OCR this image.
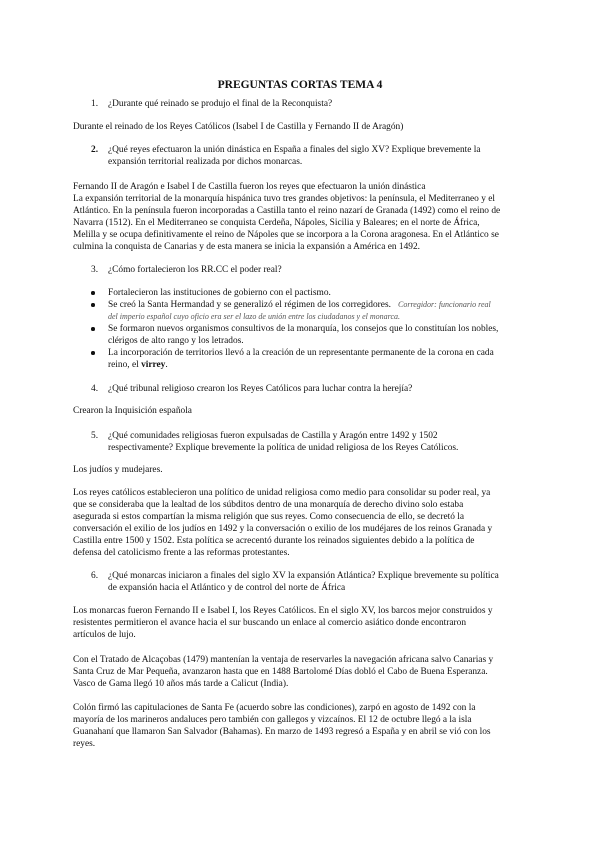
PREGUNTAS CORTAS TEMA 4
1. ¿Durante qué reinado se produjo el final de la Reconquista?
Durante el reinado de los Reyes Católicos (Isabel I de Castilla y Fernando II de Aragón)
2. ¿Qué reyes efectuaron la unión dinástica en España a finales del siglo XV? Explique brevemente la
expansión territorial realizada por dichos monarcas.
Fernando II de Aragón e Isabel I de Castilla fueron los reyes que efectuaron la unión dinástica
La expansión territorial de la monarquía hispánica tuvo tres grandes objetivos: la península, el Mediterraneo y el
Atlántico. En la península fueron incorporadas a Castilla tanto el reino nazarí de Granada (1492) como el reino de
Navarra (1512). En el Mediterraneo se conquista Cerdeña, Nápoles, Sicilia y Baleares; en el norte de África,
Melilla y se ocupa definitivamente el reino de Nápoles que se incorpora a la Corona aragonesa. En el Atlántico se
culmina la conquista de Canarias y de esta manera se inicia la expansión a América en 1492.
3. ¿Cómo fortalecieron los RR.CC el poder real?
Fortalecieron las instituciones de gobierno con el pactismo.
Se creó la Santa Hermandad y se generalizó el régimen de los corregidores. Corregidor: funcionario real
del imperio español cuyo oficio era ser el lazo de unión entre los ciudadanos y el monarca.
Se formaron nuevos organismos consultivos de la monarquía, los consejos que lo constituían los nobles,
clérigos de alto rango y los letrados.
La incorporación de territorios llevó a la creación de un representante permanente de la corona en cada
reino, el virrey.
4. ¿Qué tribunal religioso crearon los Reyes Católicos para luchar contra la herejía?
Crearon la Inquisición española
5. ¿Qué comunidades religiosas fueron expulsadas de Castilla y Aragón entre 1492 y 1502
respectivamente? Explique brevemente la política de unidad religiosa de los Reyes Católicos.
Los judíos y mudejares.
Los reyes católicos establecieron una político de unidad religiosa como medio para consolidar su poder real, ya
que se consideraba que la lealtad de los súbditos dentro de una monarquía de derecho divino solo estaba
asegurada si estos compartían la misma religión que sus reyes. Como consecuencia de ello, se decretó la
conversación el exilio de los judíos en 1492 y la conversación o exilio de los mudéjares de los reinos Granada y
Castilla entre 1500 y 1502. Esta política se acrecentó durante los reinados siguientes debido a la política de
defensa del catolicismo frente a las reformas protestantes.
6. ¿Qué monarcas iniciaron a finales del siglo XV la expansión Atlántica? Explique brevemente su política
de expansión hacia el Atlántico y de control del norte de África
Los monarcas fueron Fernando II e Isabel I, los Reyes Católicos. En el siglo XV, los barcos mejor construidos y
resistentes permitieron el avance hacia el sur buscando un enlace al comercio asiático donde encontraron
artículos de lujo.
Con el Tratado de Alcaçobas (1479) mantenían la ventaja de reservarles la navegación africana salvo Canarias y
Santa Cruz de Mar Pequeña, avanzaron hasta que en 1488 Bartolomé Días dobló el Cabo de Buena Esperanza.
Vasco de Gama llegó 10 años más tarde a Calicut (India).
Colón firmó las capitulaciones de Santa Fe (acuerdo sobre las condiciones), zarpó en agosto de 1492 con la
mayoría de los marineros andaluces pero también con gallegos y vizcaínos. El 12 de octubre llegó a la isla
Guanahaní que llamaron San Salvador (Bahamas). En marzo de 1493 regresó a España y en abril se vió con los
reyes.
